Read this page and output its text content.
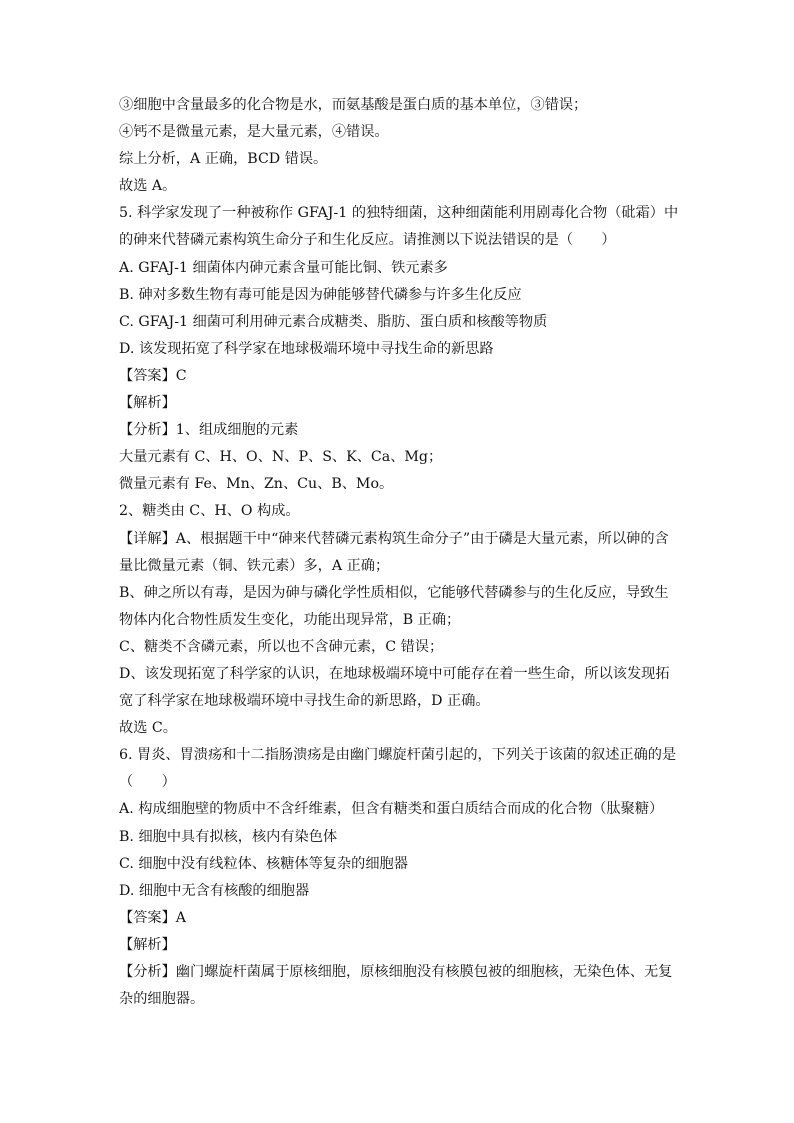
③细胞中含量最多的化合物是水，而氨基酸是蛋白质的基本单位，③错误；
④钙不是微量元素，是大量元素，④错误。
综上分析，A 正确，BCD 错误。
故选 A。
5. 科学家发现了一种被称作 GFAJ-1 的独特细菌，这种细菌能利用剧毒化合物（砒霜）中
的砷来代替磷元素构筑生命分子和生化反应。请推测以下说法错误的是（　　）
A. GFAJ-1 细菌体内砷元素含量可能比铜、铁元素多
B. 砷对多数生物有毒可能是因为砷能够替代磷参与许多生化反应
C. GFAJ-1 细菌可利用砷元素合成糖类、脂肪、蛋白质和核酸等物质
D. 该发现拓宽了科学家在地球极端环境中寻找生命的新思路
【答案】C
【解析】
【分析】1、组成细胞的元素
大量元素有 C、H、O、N、P、S、K、Ca、Mg；
微量元素有 Fe、Mn、Zn、Cu、B、Mo。
2、糖类由 C、H、O 构成。
【详解】A、根据题干中“砷来代替磷元素构筑生命分子”由于磷是大量元素，所以砷的含
量比微量元素（铜、铁元素）多，A 正确；
B、砷之所以有毒，是因为砷与磷化学性质相似，它能够代替磷参与的生化反应，导致生
物体内化合物性质发生变化，功能出现异常，B 正确；
C、糖类不含磷元素，所以也不含砷元素，C 错误；
D、该发现拓宽了科学家的认识，在地球极端环境中可能存在着一些生命，所以该发现拓
宽了科学家在地球极端环境中寻找生命的新思路，D 正确。
故选 C。
6. 胃炎、胃溃疡和十二指肠溃疡是由幽门螺旋杆菌引起的，下列关于该菌的叙述正确的是
（　　）
A. 构成细胞壁的物质中不含纤维素，但含有糖类和蛋白质结合而成的化合物（肽聚糖）
B. 细胞中具有拟核，核内有染色体
C. 细胞中没有线粒体、核糖体等复杂的细胞器
D. 细胞中无含有核酸的细胞器
【答案】A
【解析】
【分析】幽门螺旋杆菌属于原核细胞，原核细胞没有核膜包被的细胞核，无染色体、无复
杂的细胞器。
